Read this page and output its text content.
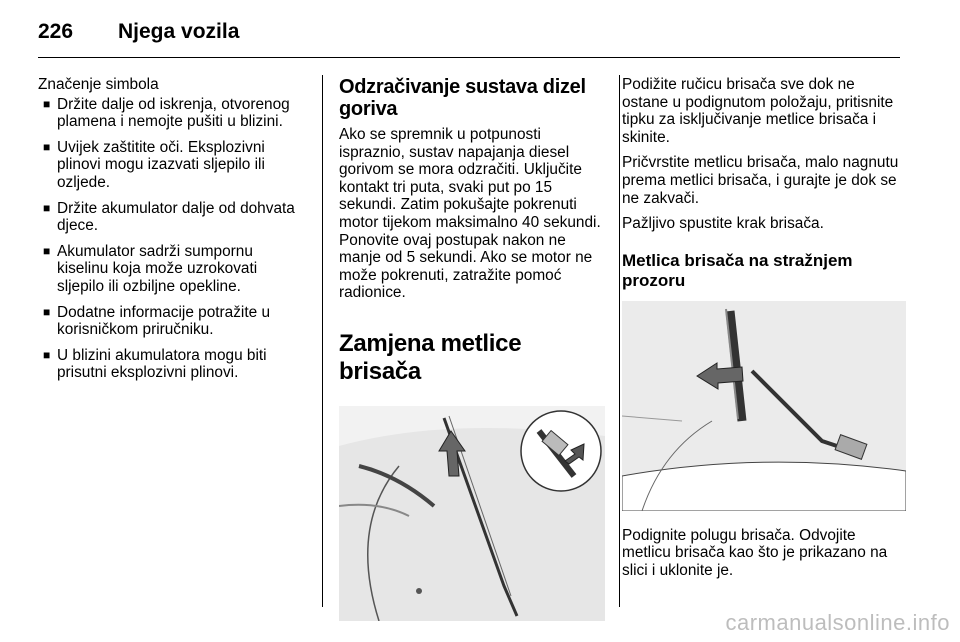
226 Njega vozila

Značenje simbola

■ Držite dalje od iskrenja, otvorenog plamena i nemojte pušiti u blizini.
■ Uvijek zaštitite oči. Eksplozivni plinovi mogu izazvati sljepilo ili ozljede.
■ Držite akumulator dalje od dohvata djece.
■ Akumulator sadrži sumpornu kiselinu koja može uzrokovati sljepilo ili ozbiljne opekline.
■ Dodatne informacije potražite u korisničkom priručniku.
■ U blizini akumulatora mogu biti prisutni eksplozivni plinovi.
Odzračivanje sustava dizel goriva

Ako se spremnik u potpunosti ispraznio, sustav napajanja diesel gorivom se mora odzračiti. Uključite kontakt tri puta, svaki put po 15 sekundi. Zatim pokušajte pokrenuti motor tijekom maksimalno 40 sekundi. Ponovite ovaj postupak nakon ne manje od 5 sekundi. Ako se motor ne može pokrenuti, zatražite pomoć radionice.

Zamjena metlice brisača

Podižite ručicu brisača sve dok ne ostane u podignutom položaju, pritisnite tipku za isključivanje metlice brisača i skinite.

Pričvrstite metlicu brisača, malo nagnutu prema metlici brisača, i gurajte je dok se ne zakvači.

Pažljivo spustite krak brisača.

Metlica brisača na stražnjem prozoru

Podignite polugu brisača. Odvojite metlicu brisača kao što je prikazano na slici i uklonite je.

carmanualsonline.info
